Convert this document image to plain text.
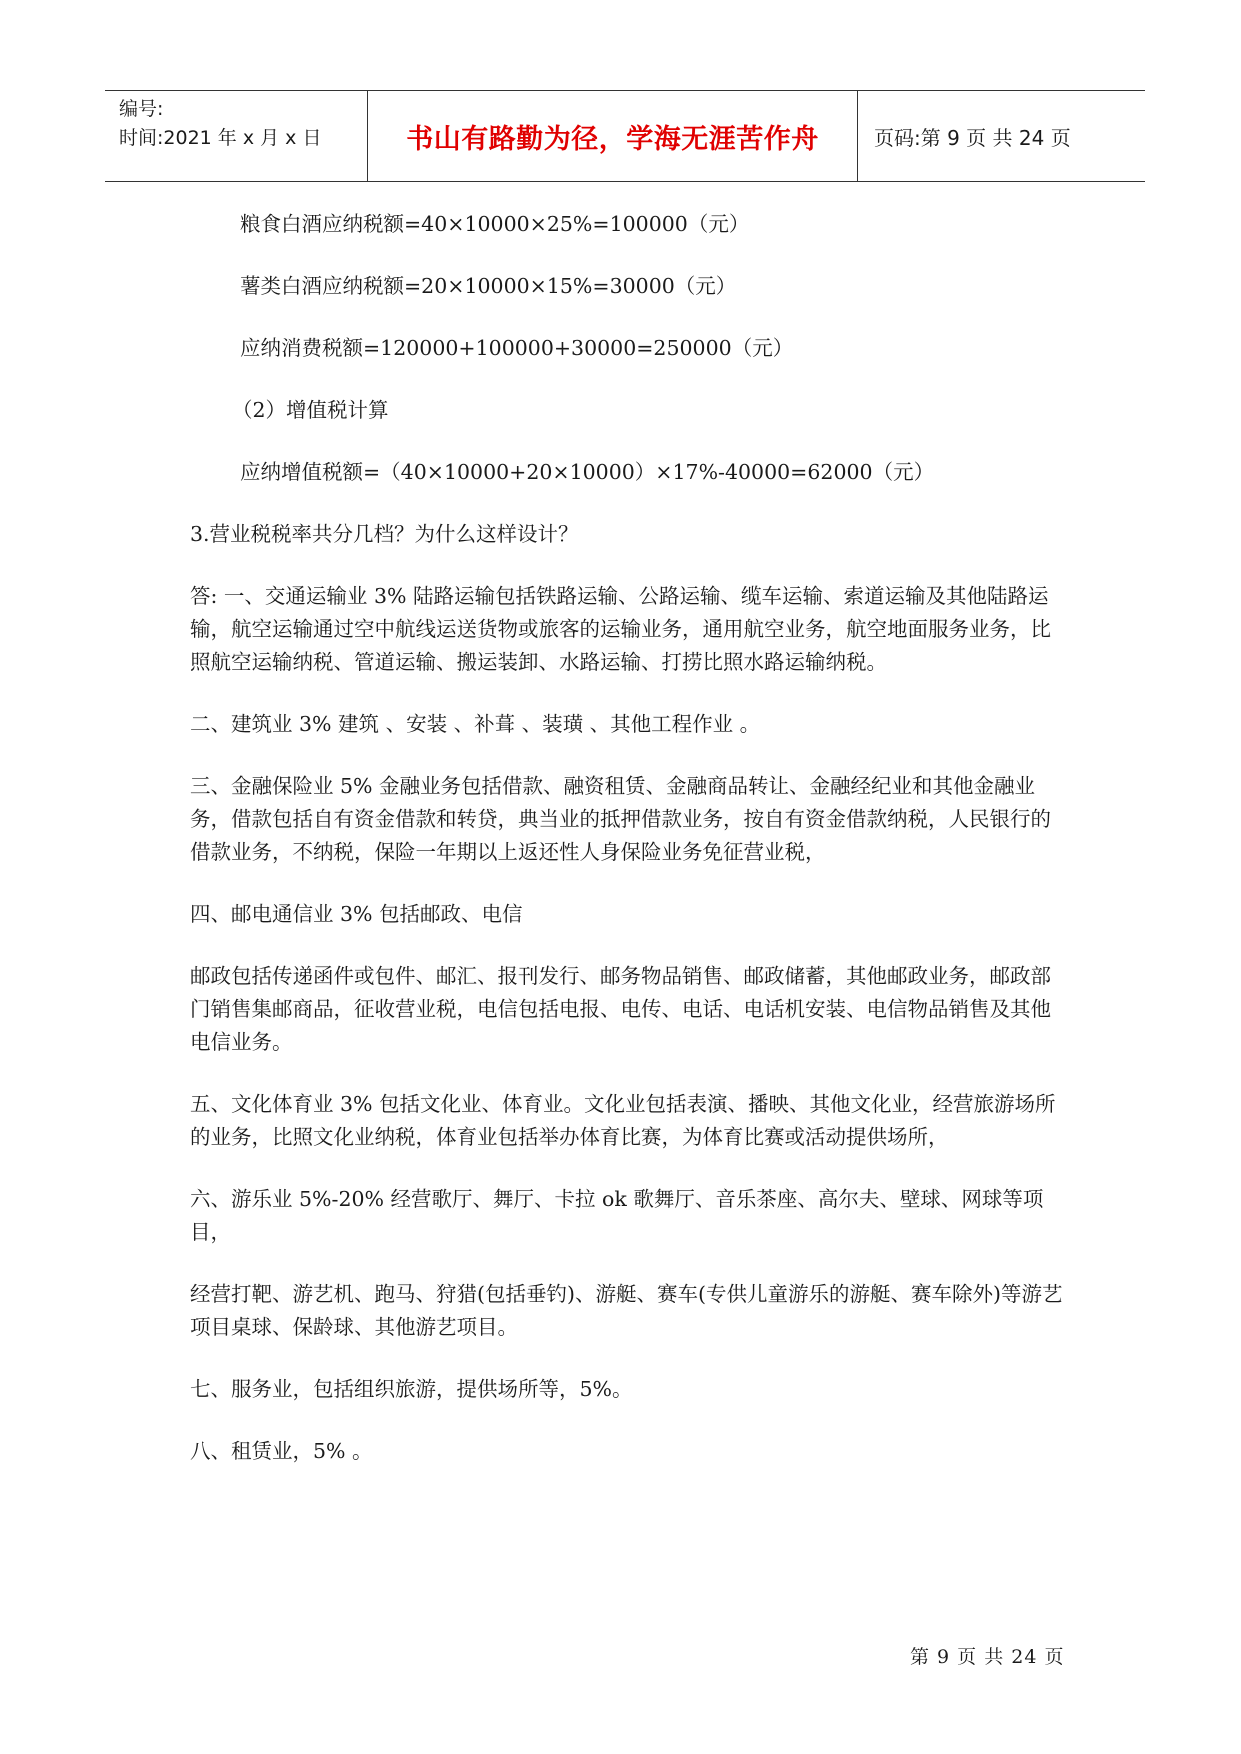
编号:
时间:2021 年 x 月 x 日	书山有路勤为径，学海无涯苦作舟	页码:第 9 页 共 24 页

粮食白酒应纳税额=40×10000×25%=100000（元）

薯类白酒应纳税额=20×10000×15%=30000（元）

应纳消费税额=120000+100000+30000=250000（元）

（2）增值税计算

应纳增值税额=（40×10000+20×10000）×17%-40000=62000（元）

3.营业税税率共分几档？为什么这样设计？

答: 一、交通运输业 3% 陆路运输包括铁路运输、公路运输、缆车运输、索道运输及其他陆路运输，航空运输通过空中航线运送货物或旅客的运输业务，通用航空业务，航空地面服务业务，比照航空运输纳税、管道运输、搬运装卸、水路运输、打捞比照水路运输纳税。

二、建筑业 3% 建筑 、安装 、补葺 、装璜 、其他工程作业 。

三、金融保险业 5% 金融业务包括借款、融资租赁、金融商品转让、金融经纪业和其他金融业务，借款包括自有资金借款和转贷，典当业的抵押借款业务，按自有资金借款纳税，人民银行的借款业务，不纳税，保险一年期以上返还性人身保险业务免征营业税，

四、邮电通信业 3% 包括邮政、电信

邮政包括传递函件或包件、邮汇、报刊发行、邮务物品销售、邮政储蓄，其他邮政业务，邮政部门销售集邮商品，征收营业税，电信包括电报、电传、电话、电话机安装、电信物品销售及其他电信业务。

五、文化体育业 3% 包括文化业、体育业。文化业包括表演、播映、其他文化业，经营旅游场所的业务，比照文化业纳税，体育业包括举办体育比赛，为体育比赛或活动提供场所，

六、游乐业 5%-20% 经营歌厅、舞厅、卡拉 ok 歌舞厅、音乐茶座、高尔夫、壁球、网球等项目，

经营打靶、游艺机、跑马、狩猎(包括垂钓)、游艇、赛车(专供儿童游乐的游艇、赛车除外)等游艺项目桌球、保龄球、其他游艺项目。

七、服务业，包括组织旅游，提供场所等，5%。

八、租赁业，5% 。

第 9 页 共 24 页
